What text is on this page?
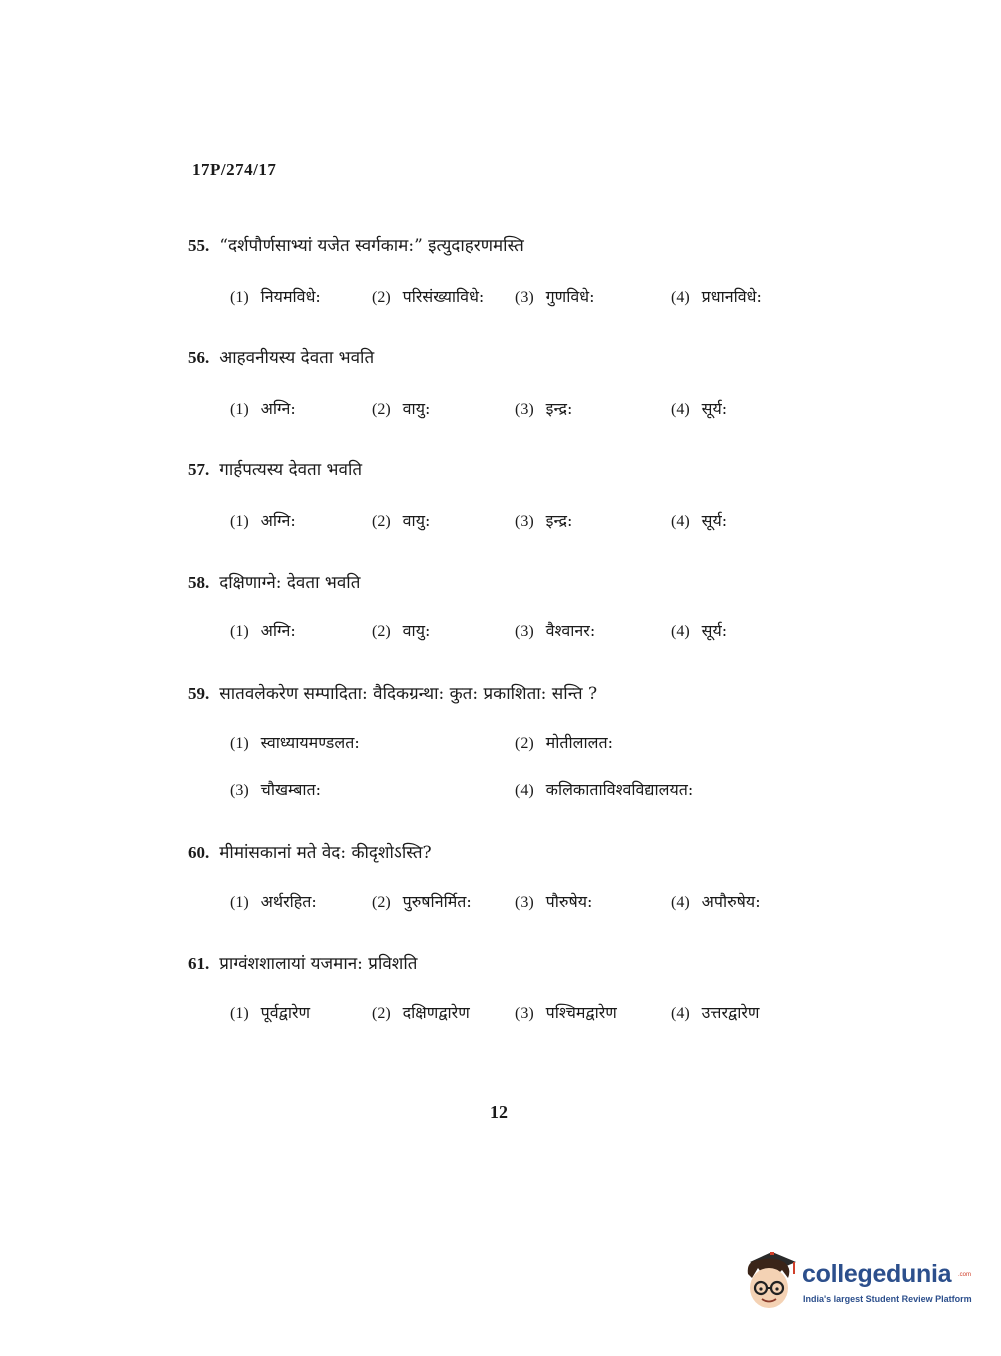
17P/274/17
55. “दर्शपौर्णसाभ्यां यजेत स्वर्गकाम:” इत्युदाहरणमस्ति
(1) नियमविधे:	(2) परिसंख्याविधे: (3) गुणविधे:	(4) प्रधानविधे:
56. आहवनीयस्य देवता भवति
(1) अग्नि:	(2) वायु:	(3) इन्द्र:	(4) सूर्य:
57. गार्हपत्यस्य देवता भवति
(1) अग्नि:	(2) वायु:	(3) इन्द्र:	(4) सूर्य:
58. दक्षिणाग्ने: देवता भवति
(1) अग्नि:	(2) वायु:	(3) वैश्वानर:	(4) सूर्य:
59. सातवलेकरेण सम्पादिता: वैदिकग्रन्था: कुत: प्रकाशिता: सन्ति ?
(1) स्वाध्यायमण्डलत:	(2) मोतीलालत:
(3) चौखम्बात:	(4) कलिकाताविश्वविद्यालयत:
60. मीमांसकानां मते वेद: कीदृशोऽस्ति?
(1) अर्थरहित:	(2) पुरुषनिर्मित:	(3) पौरुषेय:	(4) अपौरुषेय:
61. प्राग्वंशशालायां यजमान: प्रविशति
(1) पूर्वद्वारेण	(2) दक्षिणद्वारेण	(3) पश्चिमद्वारेण	(4) उत्तरद्वारेण
12
collegedunia .com
India's largest Student Review Platform
